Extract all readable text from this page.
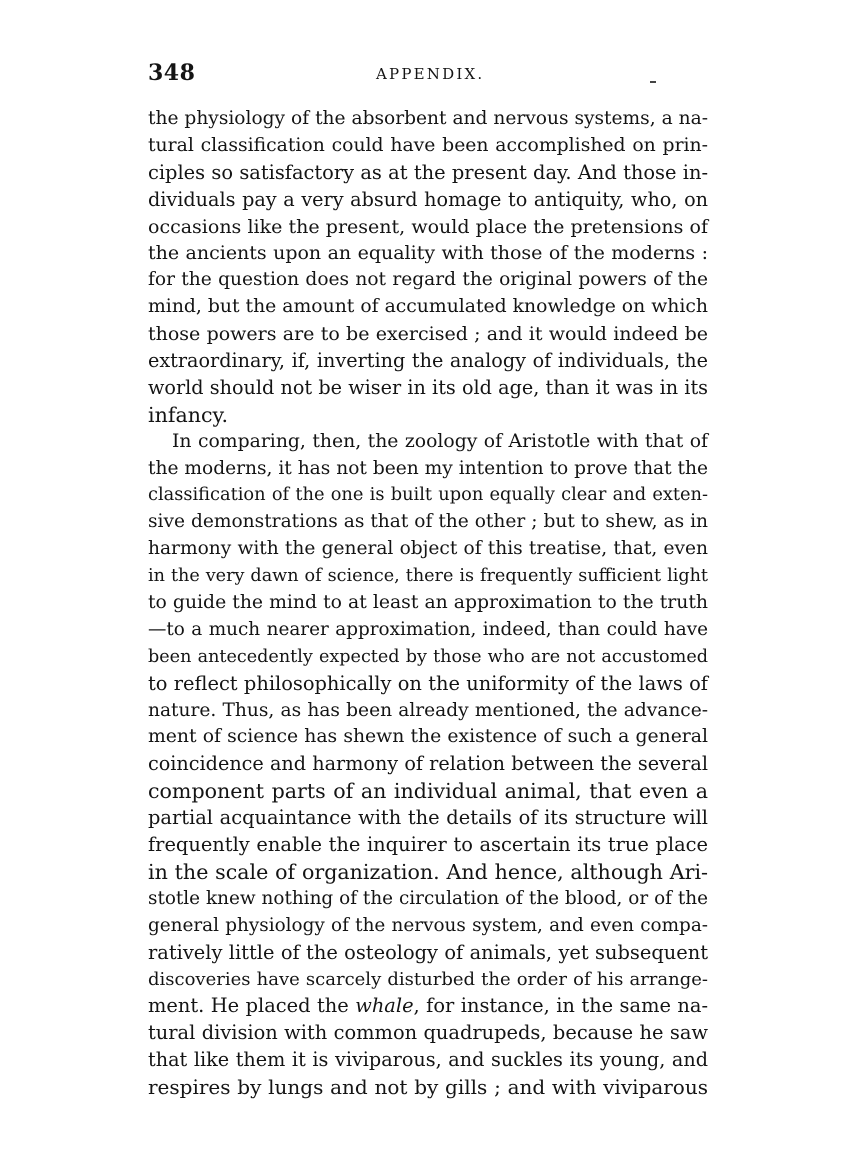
348	APPENDIX.
the physiology of the absorbent and nervous systems, a na-
tural classification could have been accomplished on prin-
ciples so satisfactory as at the present day. And those in-
dividuals pay a very absurd homage to antiquity, who, on
occasions like the present, would place the pretensions of
the ancients upon an equality with those of the moderns :
for the question does not regard the original powers of the
mind, but the amount of accumulated knowledge on which
those powers are to be exercised ; and it would indeed be
extraordinary, if, inverting the analogy of individuals, the
world should not be wiser in its old age, than it was in its
infancy.
In comparing, then, the zoology of Aristotle with that of
the moderns, it has not been my intention to prove that the
classification of the one is built upon equally clear and exten-
sive demonstrations as that of the other ; but to shew, as in
harmony with the general object of this treatise, that, even
in the very dawn of science, there is frequently sufficient light
to guide the mind to at least an approximation to the truth
—to a much nearer approximation, indeed, than could have
been antecedently expected by those who are not accustomed
to reflect philosophically on the uniformity of the laws of
nature. Thus, as has been already mentioned, the advance-
ment of science has shewn the existence of such a general
coincidence and harmony of relation between the several
component parts of an individual animal, that even a
partial acquaintance with the details of its structure will
frequently enable the inquirer to ascertain its true place
in the scale of organization. And hence, although Ari-
stotle knew nothing of the circulation of the blood, or of the
general physiology of the nervous system, and even compa-
ratively little of the osteology of animals, yet subsequent
discoveries have scarcely disturbed the order of his arrange-
ment. He placed the whale, for instance, in the same na-
tural division with common quadrupeds, because he saw
that like them it is viviparous, and suckles its young, and
respires by lungs and not by gills ; and with viviparous
